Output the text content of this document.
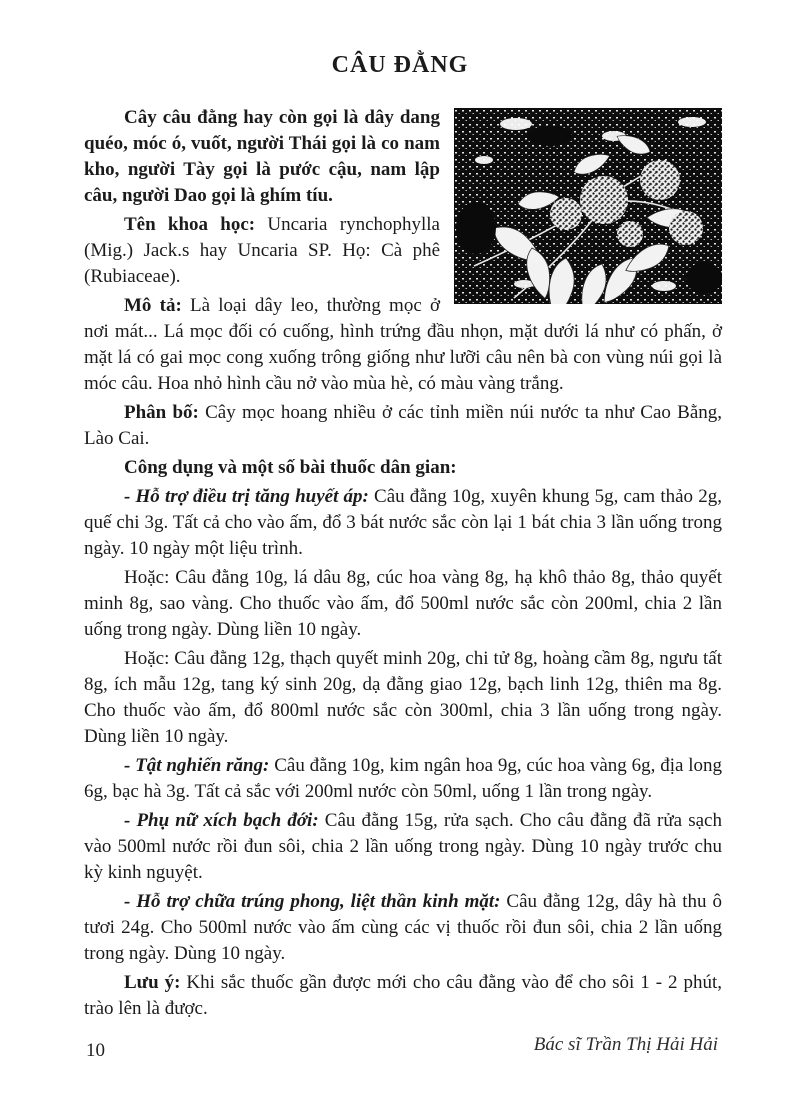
CÂU ĐẰNG

Cây câu đằng hay còn gọi là dây dang quéo, móc ó, vuốt, người Thái gọi là co nam kho, người Tày gọi là pước cậu, nam lập câu, người Dao gọi là ghím tíu.

Tên khoa học: Uncaria rynchophylla (Mig.) Jack.s hay Uncaria SP. Họ: Cà phê (Rubiaceae).

Mô tả: Là loại dây leo, thường mọc ở nơi mát... Lá mọc đối có cuống, hình trứng đầu nhọn, mặt dưới lá như có phấn, ở mặt lá có gai mọc cong xuống trông giống như lưỡi câu nên bà con vùng núi gọi là móc câu. Hoa nhỏ hình cầu nở vào mùa hè, có màu vàng trắng.

Phân bố: Cây mọc hoang nhiều ở các tỉnh miền núi nước ta như Cao Bằng, Lào Cai.

Công dụng và một số bài thuốc dân gian:

- Hỗ trợ điều trị tăng huyết áp: Câu đằng 10g, xuyên khung 5g, cam thảo 2g, quế chi 3g. Tất cả cho vào ấm, đổ 3 bát nước sắc còn lại 1 bát chia 3 lần uống trong ngày. 10 ngày một liệu trình.

Hoặc: Câu đằng 10g, lá dâu 8g, cúc hoa vàng 8g, hạ khô thảo 8g, thảo quyết minh 8g, sao vàng. Cho thuốc vào ấm, đổ 500ml nước sắc còn 200ml, chia 2 lần uống trong ngày. Dùng liền 10 ngày.

Hoặc: Câu đằng 12g, thạch quyết minh 20g, chi tử 8g, hoàng cầm 8g, ngưu tất 8g, ích mẫu 12g, tang ký sinh 20g, dạ đằng giao 12g, bạch linh 12g, thiên ma 8g. Cho thuốc vào ấm, đổ 800ml nước sắc còn 300ml, chia 3 lần uống trong ngày. Dùng liền 10 ngày.

- Tật nghiến răng: Câu đằng 10g, kim ngân hoa 9g, cúc hoa vàng 6g, địa long 6g, bạc hà 3g. Tất cả sắc với 200ml nước còn 50ml, uống 1 lần trong ngày.

- Phụ nữ xích bạch đới: Câu đằng 15g, rửa sạch. Cho câu đằng đã rửa sạch vào 500ml nước rồi đun sôi, chia 2 lần uống trong ngày. Dùng 10 ngày trước chu kỳ kinh nguyệt.

- Hỗ trợ chữa trúng phong, liệt thần kinh mặt: Câu đằng 12g, dây hà thu ô tươi 24g. Cho 500ml nước vào ấm cùng các vị thuốc rồi đun sôi, chia 2 lần uống trong ngày. Dùng 10 ngày.

Lưu ý: Khi sắc thuốc gần được mới cho câu đằng vào để cho sôi 1 - 2 phút, trào lên là được.

Bác sĩ Trần Thị Hải Hải
10
